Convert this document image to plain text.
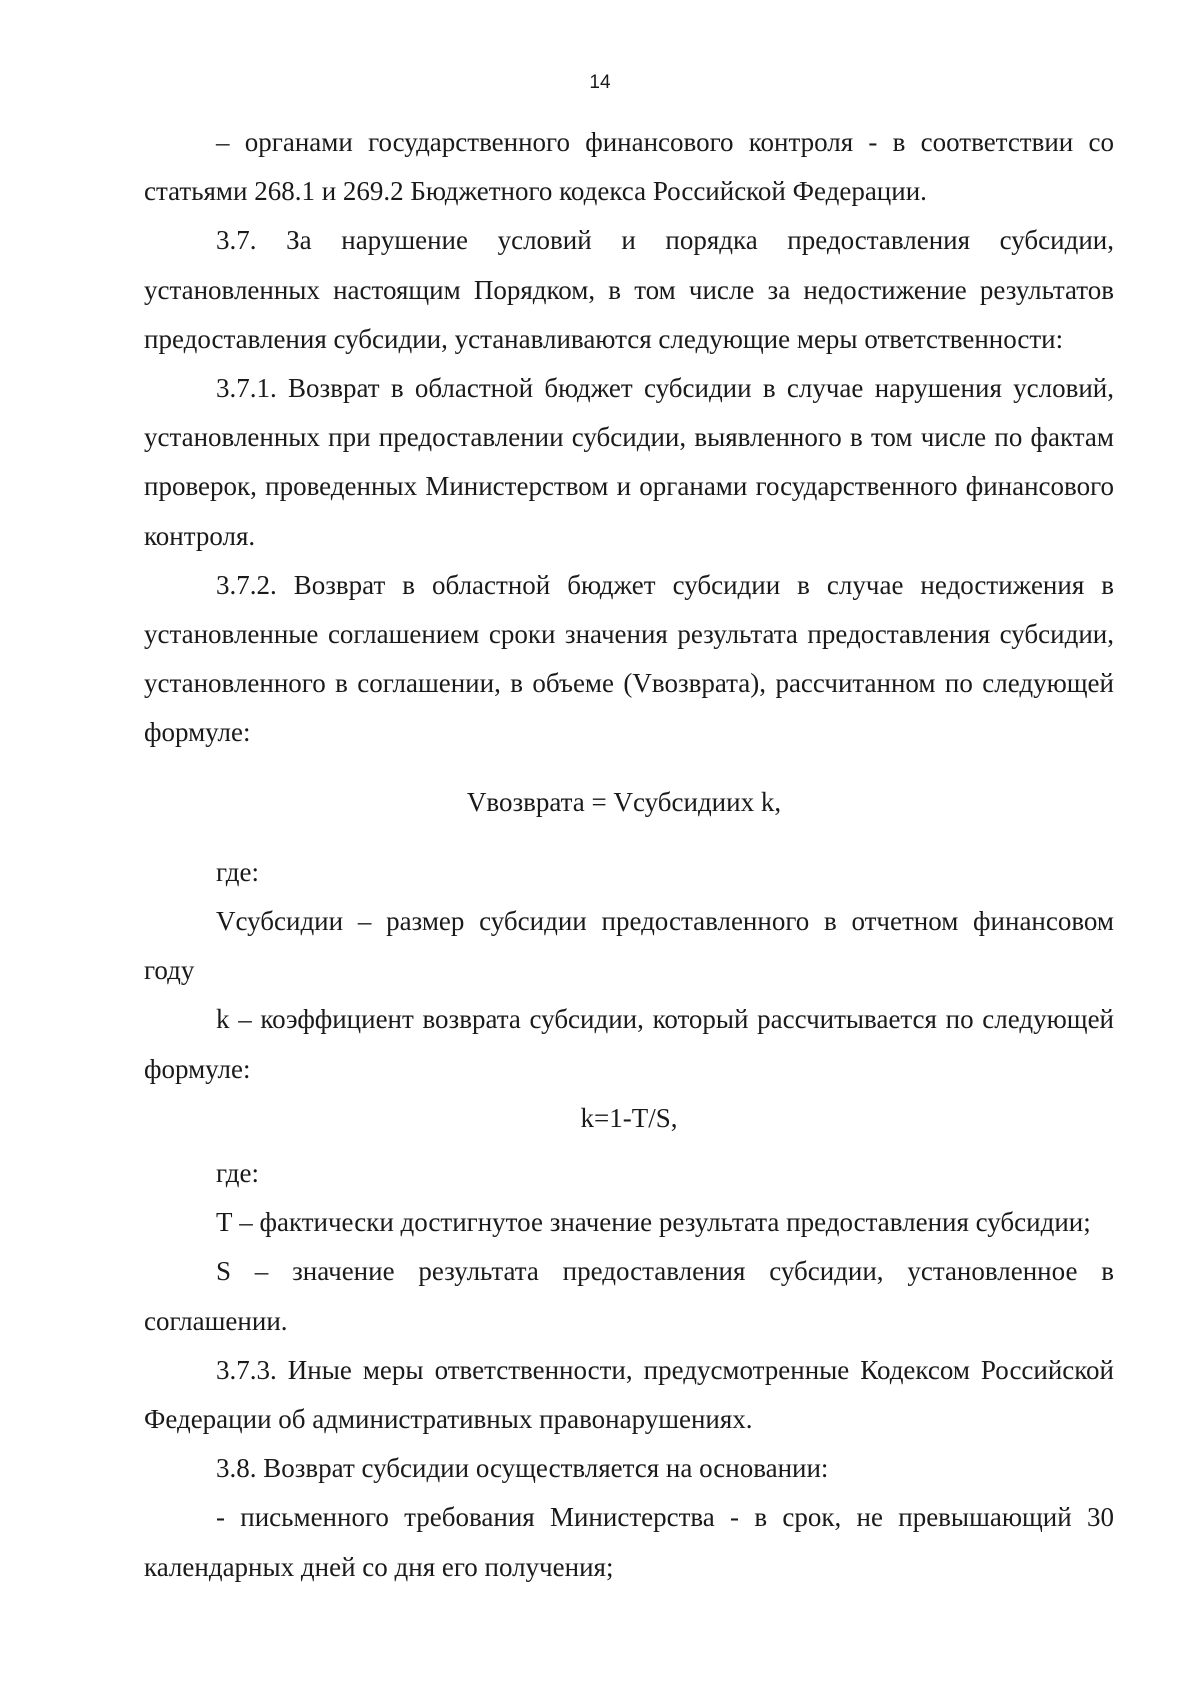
14

– органами государственного финансового контроля - в соответствии со статьями 268.1 и 269.2 Бюджетного кодекса Российской Федерации.

3.7. За нарушение условий и порядка предоставления субсидии, установленных настоящим Порядком, в том числе за недостижение результатов предоставления субсидии, устанавливаются следующие меры ответственности:

3.7.1. Возврат в областной бюджет субсидии в случае нарушения условий, установленных при предоставлении субсидии, выявленного в том числе по фактам проверок, проведенных Министерством и органами государственного финансового контроля.

3.7.2. Возврат в областной бюджет субсидии в случае недостижения в установленные соглашением сроки значения результата предоставления субсидии, установленного в соглашении, в объеме (Vвозврата), рассчитанном по следующей формуле:

Vвозврата = Vсубсидииx k,

где:

Vсубсидии – размер субсидии предоставленного в отчетном финансовом году

k – коэффициент возврата субсидии, который рассчитывается по следующей формуле:

k=1-T/S,

где:

Т – фактически достигнутое значение результата предоставления субсидии;

S – значение результата предоставления субсидии, установленное в соглашении.

3.7.3. Иные меры ответственности, предусмотренные Кодексом Российской Федерации об административных правонарушениях.

3.8. Возврат субсидии осуществляется на основании:

- письменного требования Министерства - в срок, не превышающий 30 календарных дней со дня его получения;
